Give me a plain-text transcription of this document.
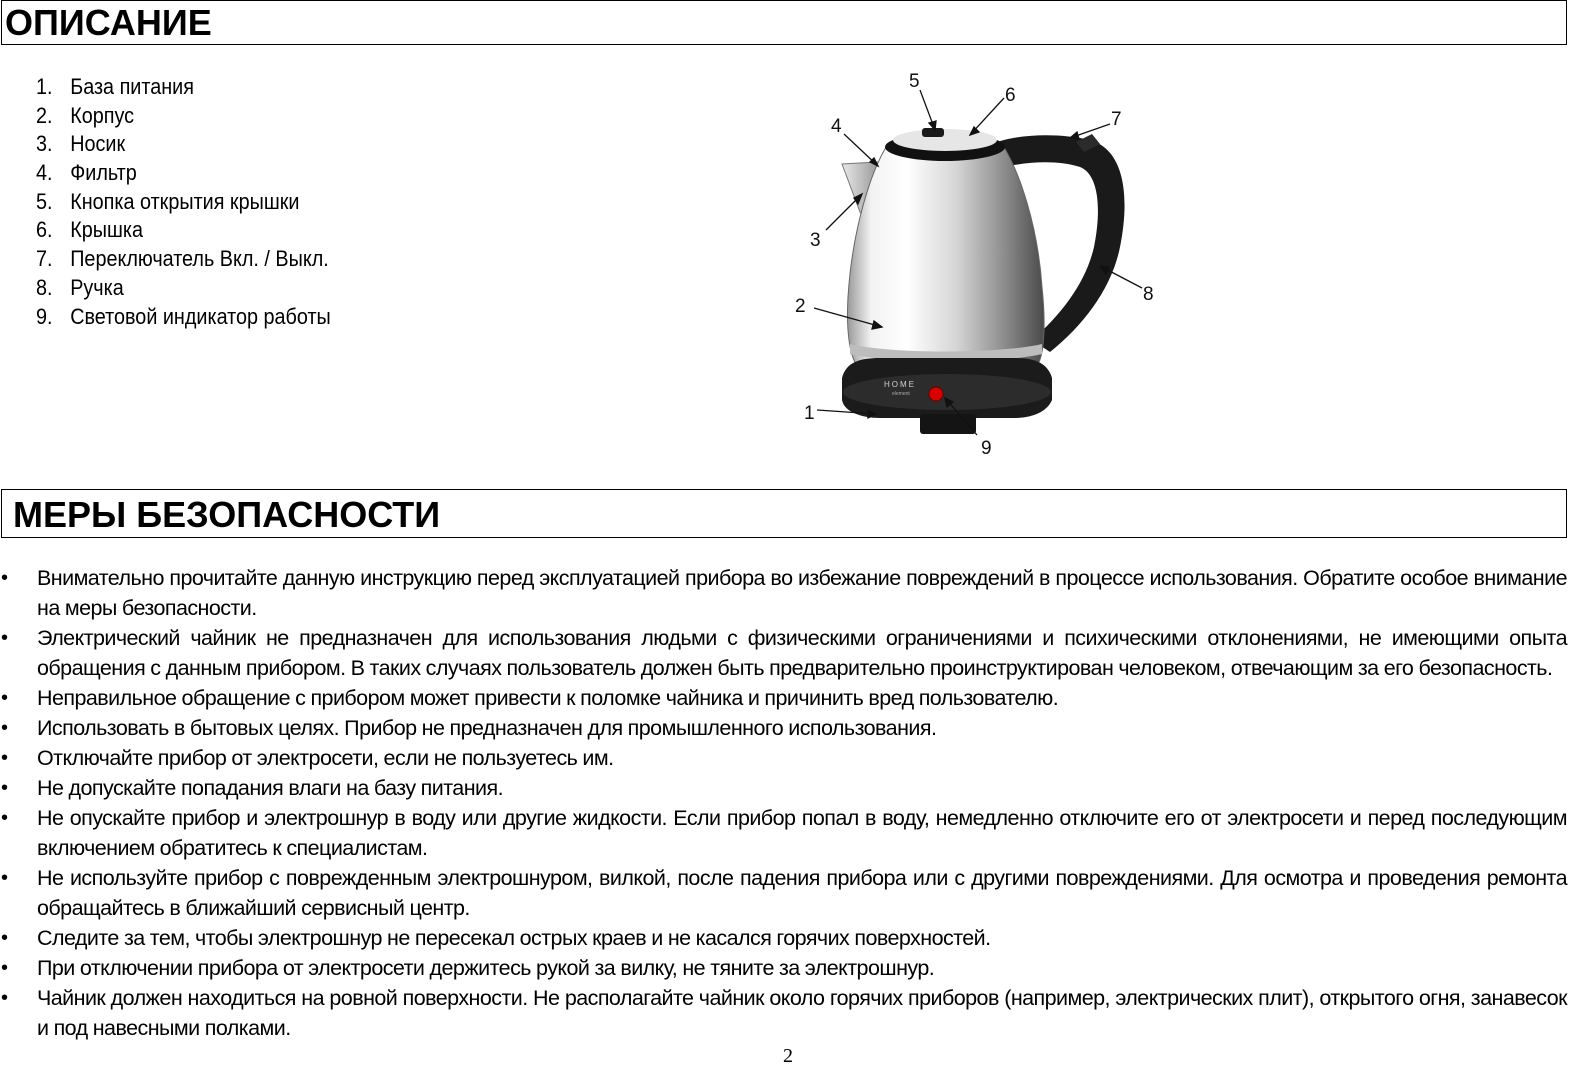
ОПИСАНИЕ
1. База питания
2. Корпус
3. Носик
4. Фильтр
5. Кнопка открытия крышки
6. Крышка
7. Переключатель Вкл. / Выкл.
8. Ручка
9. Световой индикатор работы
HOME
element
1
2
3
4
5
6
7
8
9
МЕРЫ БЕЗОПАСНОСТИ
• Внимательно прочитайте данную инструкцию перед эксплуатацией прибора во избежание повреждений в процессе использования. Обратите особое внимание на меры безопасности.
• Электрический чайник не предназначен для использования людьми с физическими ограничениями и психическими отклонениями, не имеющими опыта обращения с данным прибором. В таких случаях пользователь должен быть предварительно проинструктирован человеком, отвечающим за его безопасность.
• Неправильное обращение с прибором может привести к поломке чайника и причинить вред пользователю.
• Использовать в бытовых целях. Прибор не предназначен для промышленного использования.
• Отключайте прибор от электросети, если не пользуетесь им.
• Не допускайте попадания влаги на базу питания.
• Не опускайте прибор и электрошнур в воду или другие жидкости. Если прибор попал в воду, немедленно отключите его от электросети и перед последующим включением обратитесь к специалистам.
• Не используйте прибор с поврежденным электрошнуром, вилкой, после падения прибора или с другими повреждениями. Для осмотра и проведения ремонта обращайтесь в ближайший сервисный центр.
• Следите за тем, чтобы электрошнур не пересекал острых краев и не касался горячих поверхностей.
• При отключении прибора от электросети держитесь рукой за вилку, не тяните за электрошнур.
• Чайник должен находиться на ровной поверхности. Не располагайте чайник около горячих приборов (например, электрических плит), открытого огня, занавесок и под навесными полками.
2
